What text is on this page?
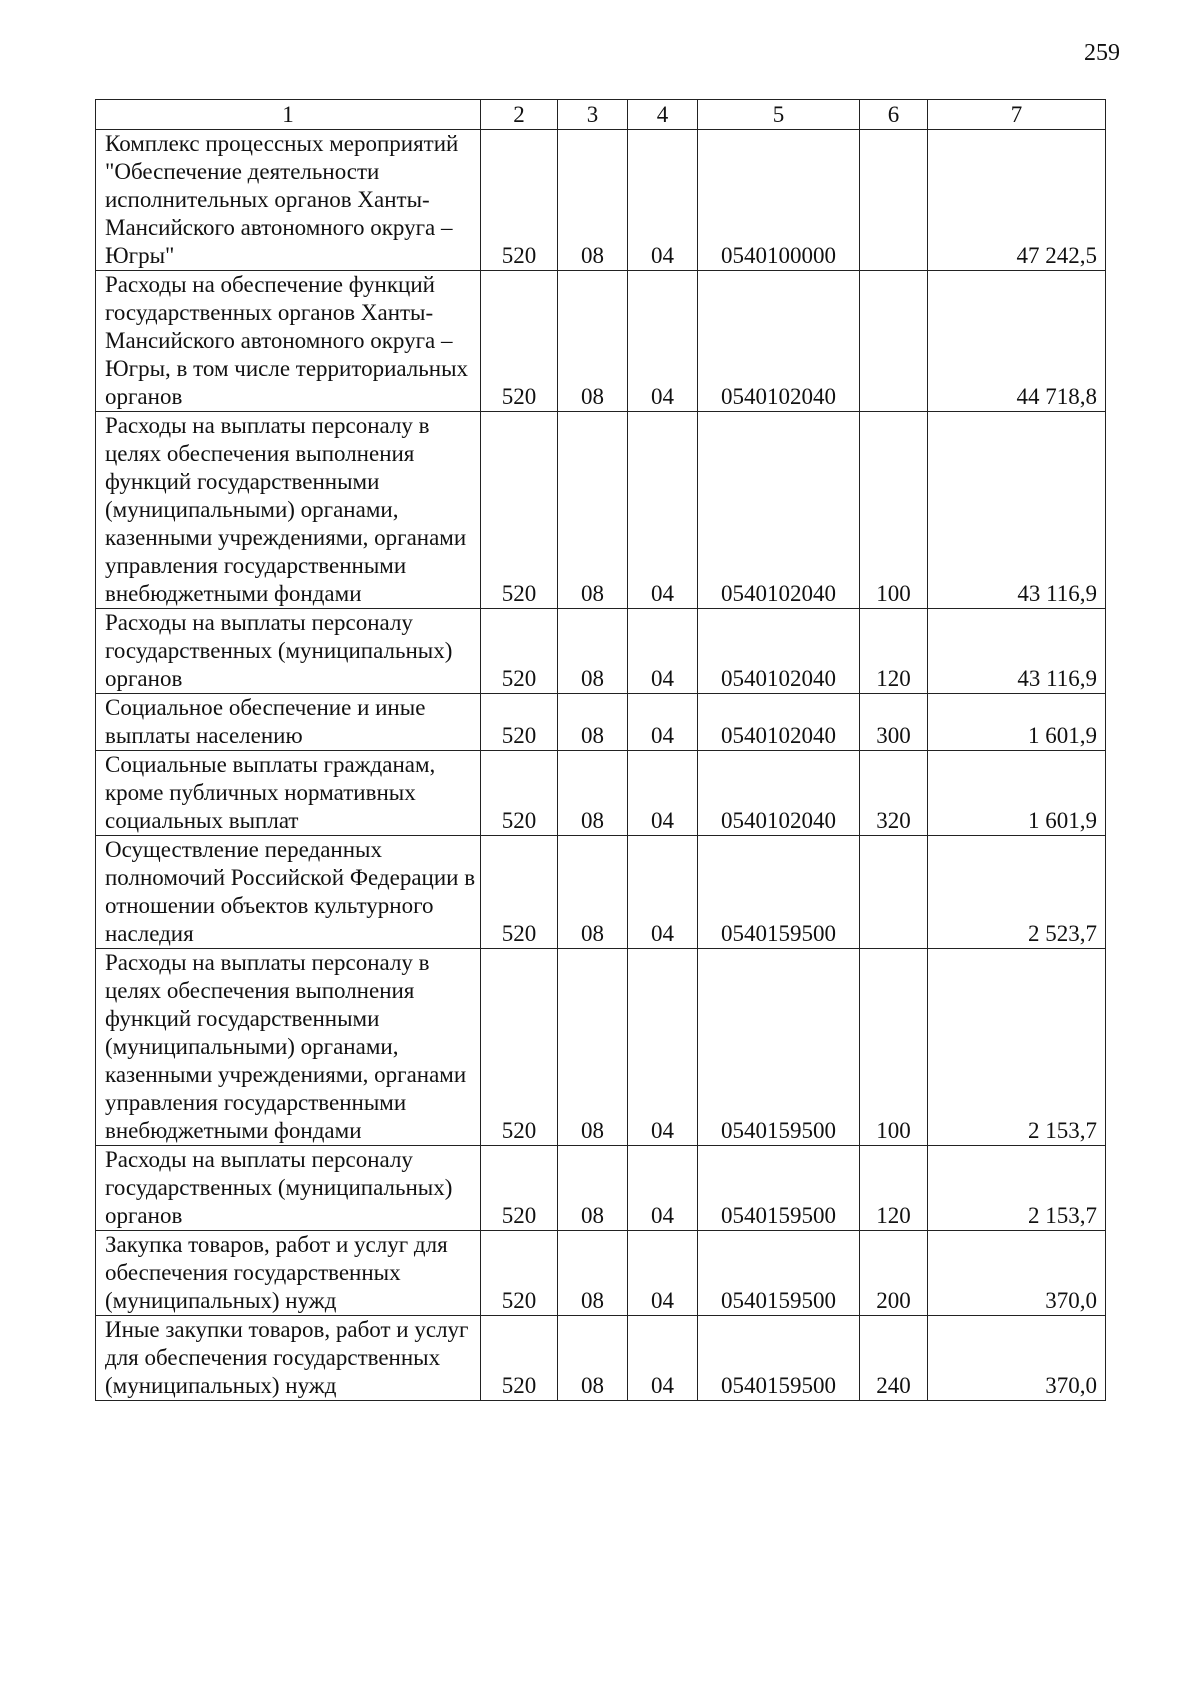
259
1	2	3	4	5	6	7
Комплекс процессных мероприятий "Обеспечение деятельности исполнительных органов Ханты-Мансийского автономного округа – Югры"	520	08	04	0540100000		47 242,5
Расходы на обеспечение функций государственных органов Ханты-Мансийского автономного округа – Югры, в том числе территориальных органов	520	08	04	0540102040		44 718,8
Расходы на выплаты персоналу в целях обеспечения выполнения функций государственными (муниципальными) органами, казенными учреждениями, органами управления государственными внебюджетными фондами	520	08	04	0540102040	100	43 116,9
Расходы на выплаты персоналу государственных (муниципальных) органов	520	08	04	0540102040	120	43 116,9
Социальное обеспечение и иные выплаты населению	520	08	04	0540102040	300	1 601,9
Социальные выплаты гражданам, кроме публичных нормативных социальных выплат	520	08	04	0540102040	320	1 601,9
Осуществление переданных полномочий Российской Федерации в отношении объектов культурного наследия	520	08	04	0540159500		2 523,7
Расходы на выплаты персоналу в целях обеспечения выполнения функций государственными (муниципальными) органами, казенными учреждениями, органами управления государственными внебюджетными фондами	520	08	04	0540159500	100	2 153,7
Расходы на выплаты персоналу государственных (муниципальных) органов	520	08	04	0540159500	120	2 153,7
Закупка товаров, работ и услуг для обеспечения государственных (муниципальных) нужд	520	08	04	0540159500	200	370,0
Иные закупки товаров, работ и услуг для обеспечения государственных (муниципальных) нужд	520	08	04	0540159500	240	370,0
